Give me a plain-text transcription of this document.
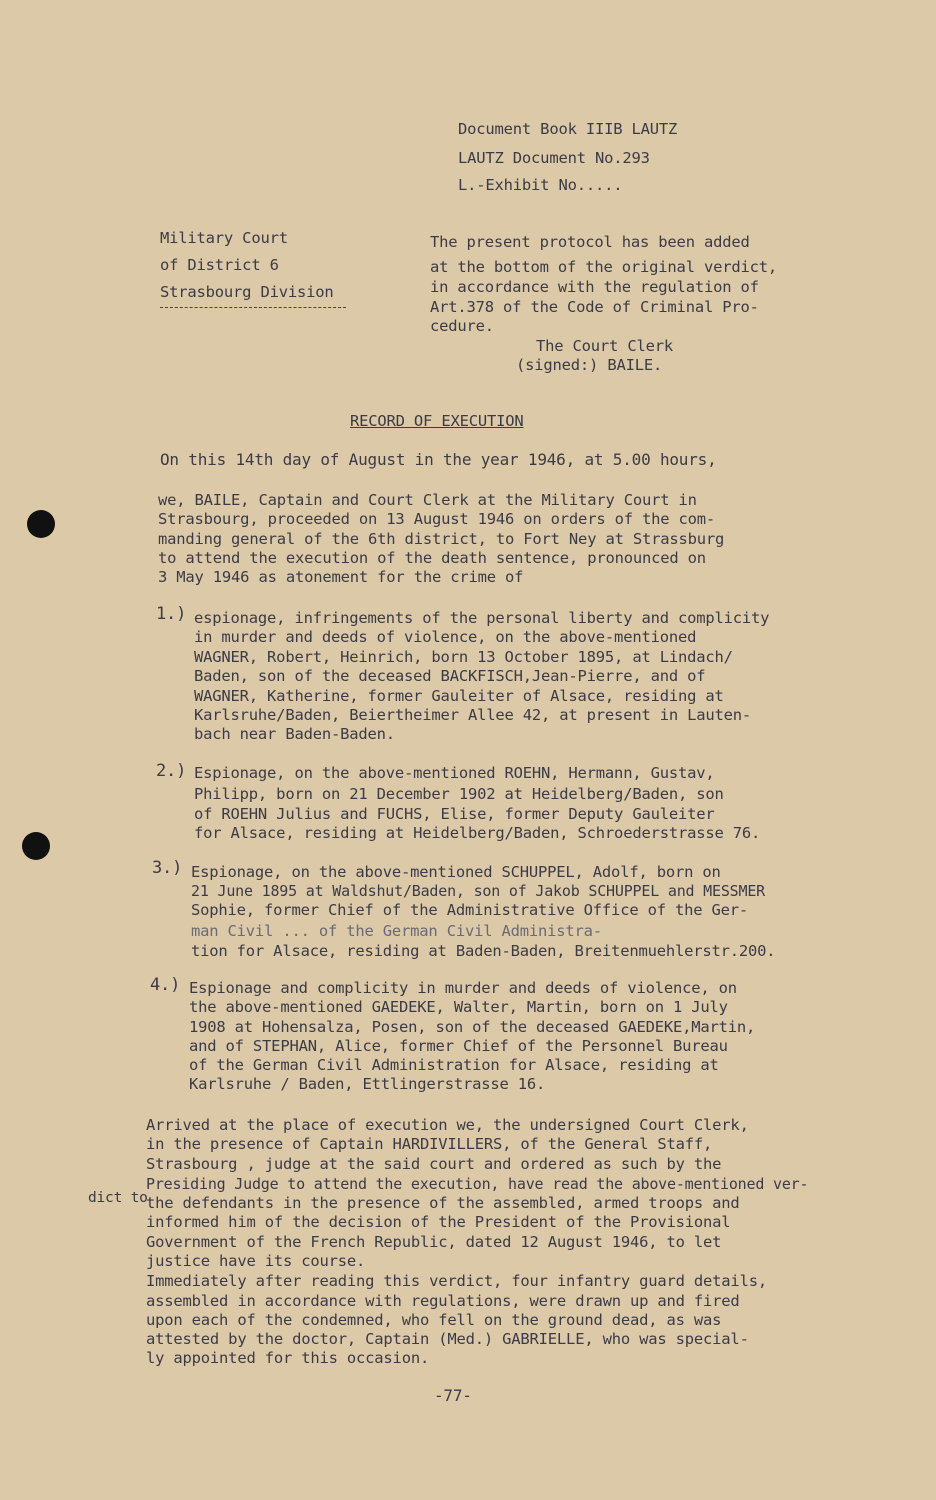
Document Book IIIB LAUTZ
LAUTZ Document No.293
L.-Exhibit No.....
Military Court
of District 6
Strasbourg Division
The present protocol has been added
at the bottom of the original verdict,
in accordance with the regulation of
Art.378 of the Code of Criminal Pro-
cedure.
The Court Clerk
(signed:) BAILE.
RECORD OF EXECUTION
On this 14th day of August in the year 1946, at 5.00 hours,
we, BAILE, Captain and Court Clerk at the Military Court in
Strasbourg, proceeded on 13 August 1946 on orders of the com-
manding general of the 6th district, to Fort Ney at Strassburg
to attend the execution of the death sentence, pronounced on
3 May 1946 as atonement for the crime of
1.) espionage, infringements of the personal liberty and complicity
in murder and deeds of violence, on the above-mentioned
WAGNER, Robert, Heinrich, born 13 October 1895, at Lindach/
Baden, son of the deceased BACKFISCH,Jean-Pierre, and of
WAGNER, Katherine, former Gauleiter of Alsace, residing at
Karlsruhe/Baden, Beiertheimer Allee 42, at present in Lauten-
bach near Baden-Baden.
2.) Espionage, on the above-mentioned ROEHN, Hermann, Gustav,
Philipp, born on 21 December 1902 at Heidelberg/Baden, son
of ROEHN Julius and FUCHS, Elise, former Deputy Gauleiter
for Alsace, residing at Heidelberg/Baden, Schroederstrasse 76.
3.) Espionage, on the above-mentioned SCHUPPEL, Adolf, born on
21 June 1895 at Waldshut/Baden, son of Jakob SCHUPPEL and MESSMER
Sophie, former Chief of the Administrative Office of the Ger-
man Civil ... of the German Civil Administra-
tion for Alsace, residing at Baden-Baden, Breitenmuehlerstr.200.
4.) Espionage and complicity in murder and deeds of violence, on
the above-mentioned GAEDEKE, Walter, Martin, born on 1 July
1908 at Hohensalza, Posen, son of the deceased GAEDEKE,Martin,
and of STEPHAN, Alice, former Chief of the Personnel Bureau
of the German Civil Administration for Alsace, residing at
Karlsruhe / Baden, Ettlingerstrasse 16.
Arrived at the place of execution we, the undersigned Court Clerk,
in the presence of Captain HARDIVILLERS, of the General Staff,
Strasbourg , judge at the said court and ordered as such by the
Presiding Judge to attend the execution, have read the above-mentioned ver-
dict to
the defendants in the presence of the assembled, armed troops and
informed him of the decision of the President of the Provisional
Government of the French Republic, dated 12 August 1946, to let
justice have its course.
Immediately after reading this verdict, four infantry guard details,
assembled in accordance with regulations, were drawn up and fired
upon each of the condemned, who fell on the ground dead, as was
attested by the doctor, Captain (Med.) GABRIELLE, who was special-
ly appointed for this occasion.
-77-
